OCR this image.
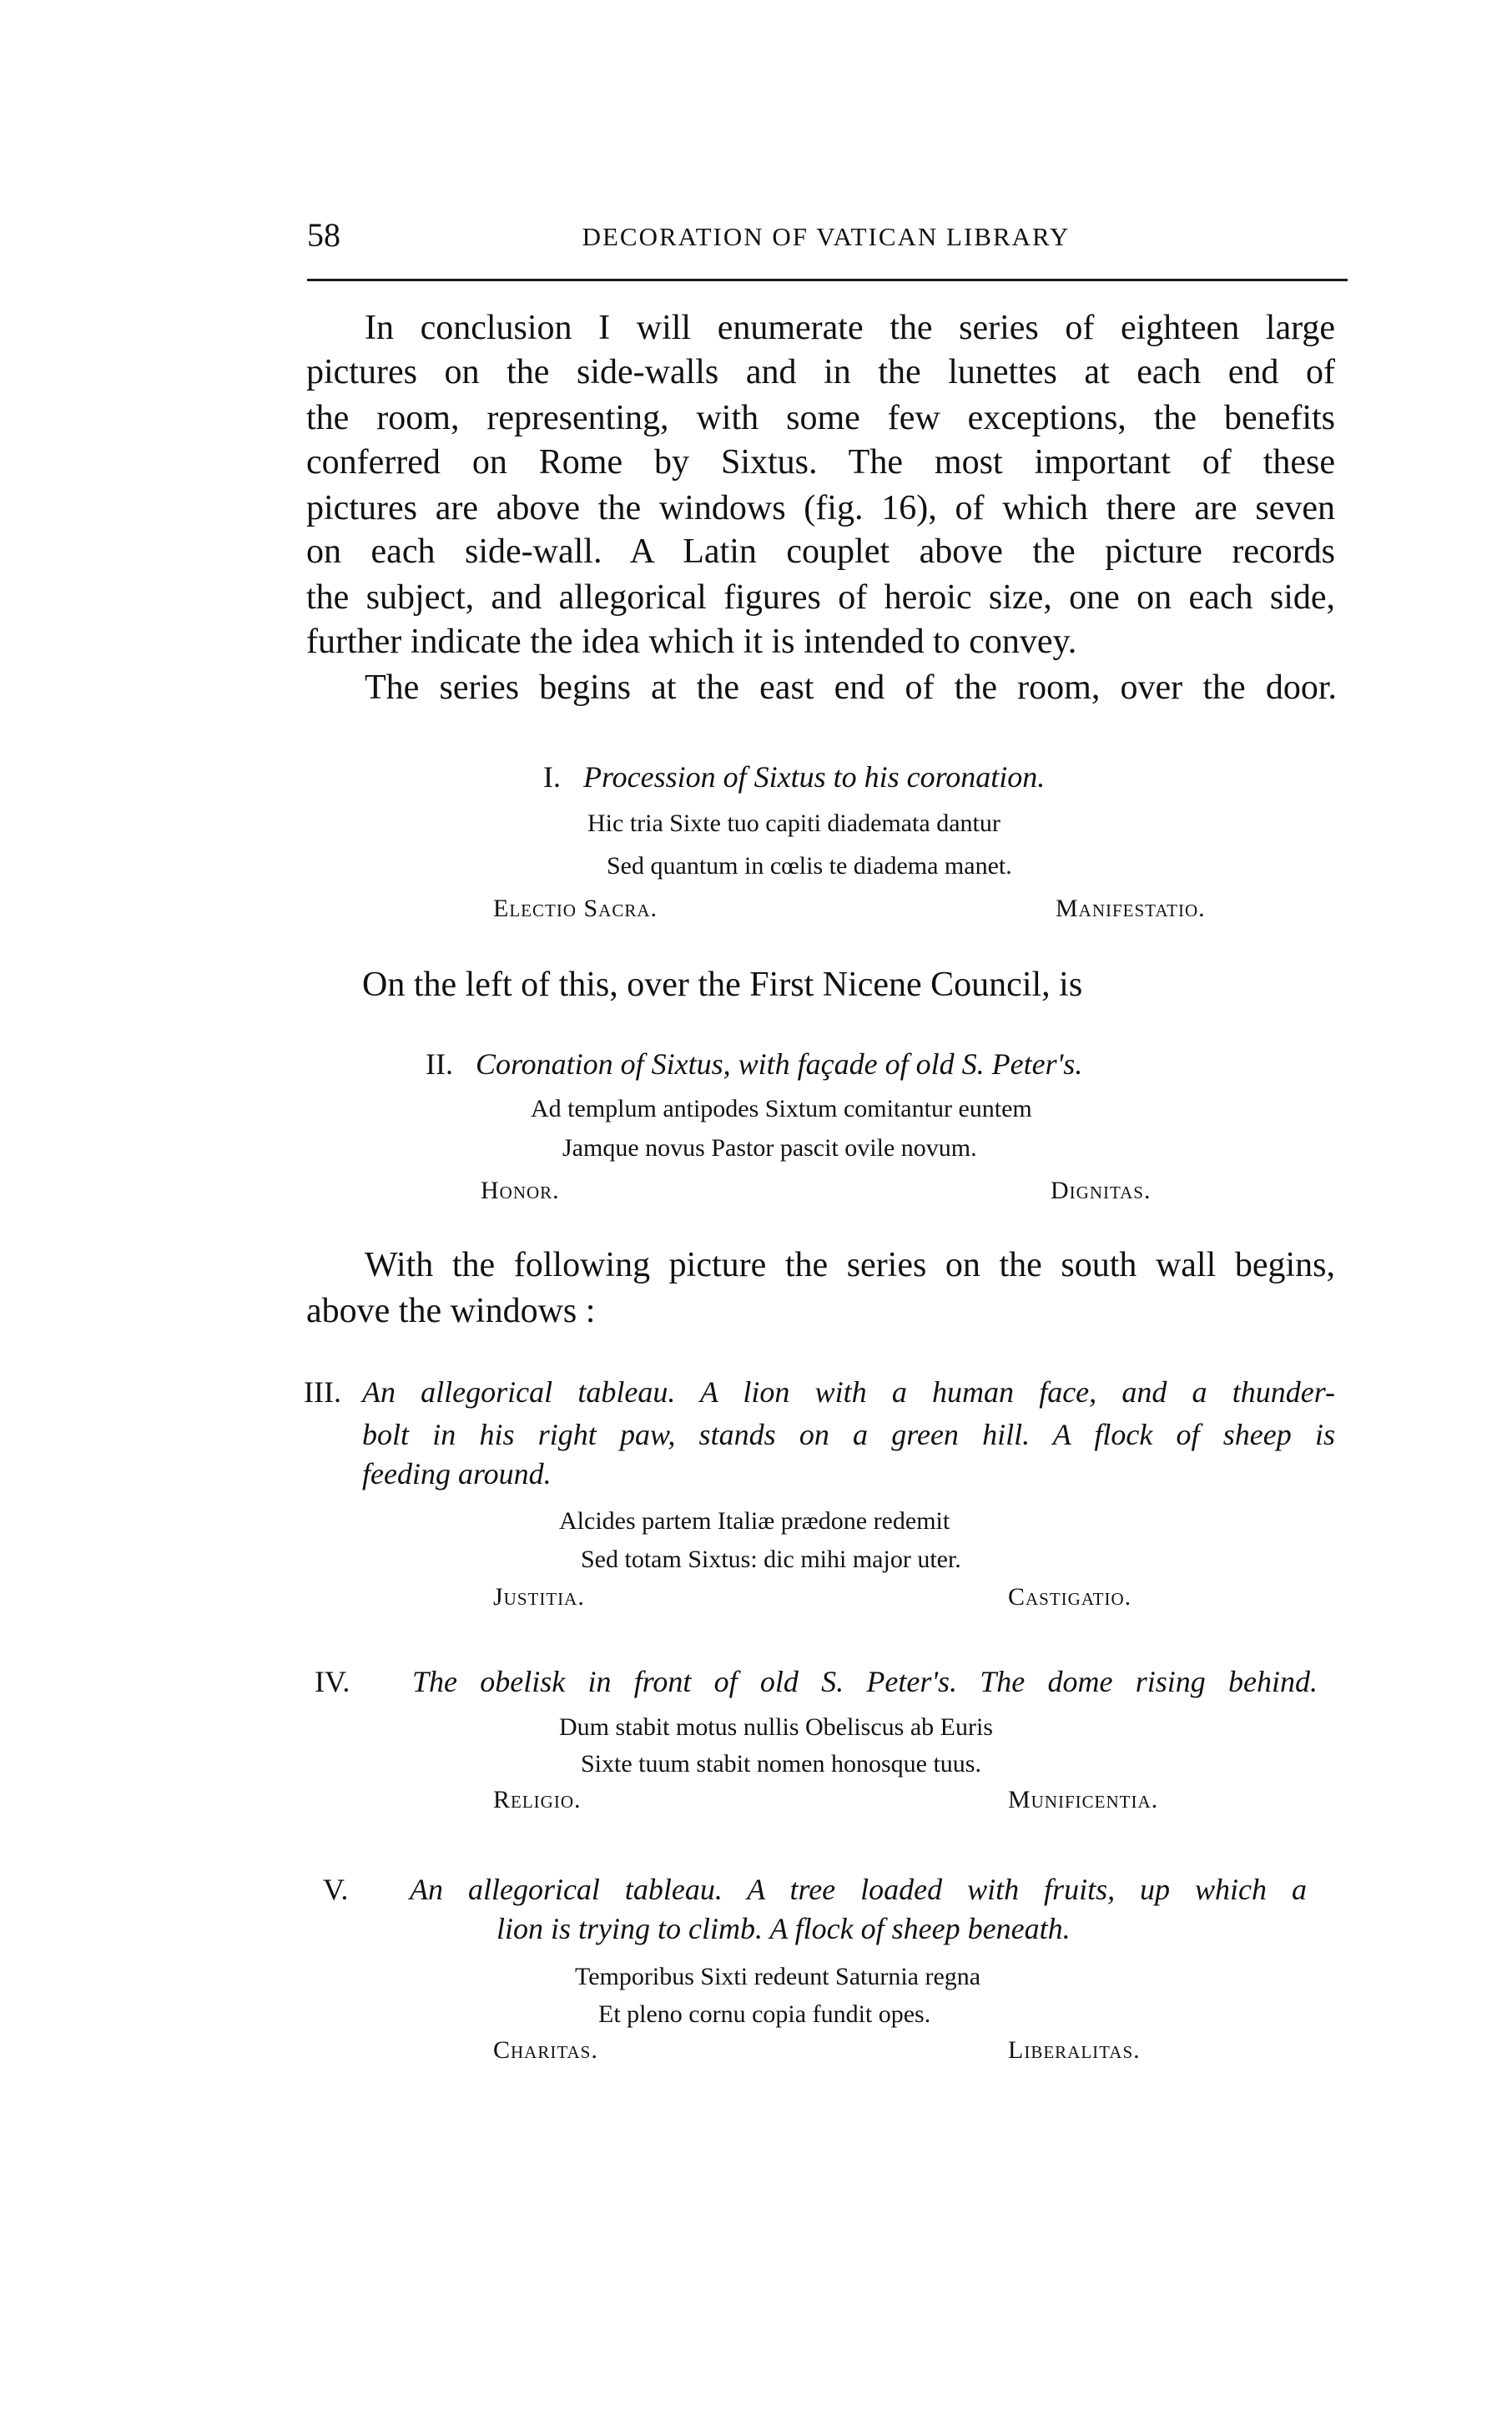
58	DECORATION OF VATICAN LIBRARY
In conclusion I will enumerate the series of eighteen large
pictures on the side-walls and in the lunettes at each end of
the room, representing, with some few exceptions, the benefits
conferred on Rome by Sixtus. The most important of these
pictures are above the windows (fig. 16), of which there are seven
on each side-wall. A Latin couplet above the picture records
the subject, and allegorical figures of heroic size, one on each side,
further indicate the idea which it is intended to convey.
The series begins at the east end of the room, over the door.
I. Procession of Sixtus to his coronation.
Hic tria Sixte tuo capiti diademata dantur
Sed quantum in cœlis te diadema manet.
Electio Sacra.	Manifestatio.
On the left of this, over the First Nicene Council, is
II. Coronation of Sixtus, with façade of old S. Peter's.
Ad templum antipodes Sixtum comitantur euntem
Jamque novus Pastor pascit ovile novum.
Honor.	Dignitas.
With the following picture the series on the south wall begins,
above the windows :
III. An allegorical tableau. A lion with a human face, and a thunder-
bolt in his right paw, stands on a green hill. A flock of sheep is
feeding around.
Alcides partem Italiæ prædone redemit
Sed totam Sixtus: dic mihi major uter.
Justitia.	Castigatio.
IV. The obelisk in front of old S. Peter's. The dome rising behind.
Dum stabit motus nullis Obeliscus ab Euris
Sixte tuum stabit nomen honosque tuus.
Religio.	Munificentia.
V. An allegorical tableau. A tree loaded with fruits, up which a
lion is trying to climb. A flock of sheep beneath.
Temporibus Sixti redeunt Saturnia regna
Et pleno cornu copia fundit opes.
Charitas.	Liberalitas.
